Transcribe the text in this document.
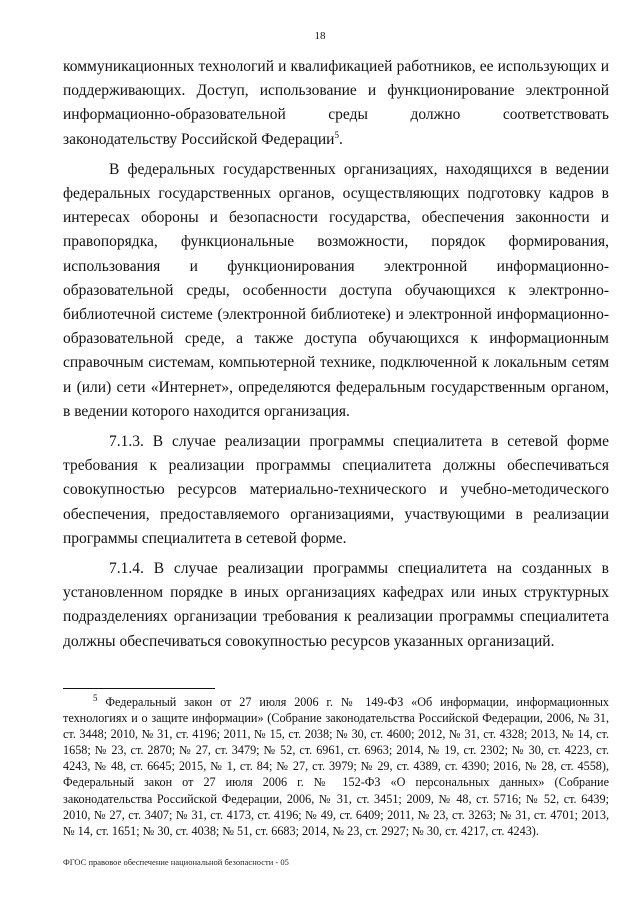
18

коммуникационных технологий и квалификацией работников, ее использующих и поддерживающих. Доступ, использование и функционирование электронной информационно-образовательной среды должно соответствовать законодательству Российской Федерации$^5$.

В федеральных государственных организациях, находящихся в ведении федеральных государственных органов, осуществляющих подготовку кадров в интересах обороны и безопасности государства, обеспечения законности и правопорядка, функциональные возможности, порядок формирования, использования и функционирования электронной информационно-образовательной среды, особенности доступа обучающихся к электронно-библиотечной системе (электронной библиотеке) и электронной информационно-образовательной среде, а также доступа обучающихся к информационным справочным системам, компьютерной технике, подключенной к локальным сетям и (или) сети «Интернет», определяются федеральным государственным органом, в ведении которого находится организация.

7.1.3. В случае реализации программы специалитета в сетевой форме требования к реализации программы специалитета должны обеспечиваться совокупностью ресурсов материально-технического и учебно-методического обеспечения, предоставляемого организациями, участвующими в реализации программы специалитета в сетевой форме.

7.1.4. В случае реализации программы специалитета на созданных в установленном порядке в иных организациях кафедрах или иных структурных подразделениях организации требования к реализации программы специалитета должны обеспечиваться совокупностью ресурсов указанных организаций.

$^5$ Федеральный закон от 27 июля 2006 г. № 149-ФЗ «Об информации, информационных технологиях и о защите информации» (Собрание законодательства Российской Федерации, 2006, № 31, ст. 3448; 2010, № 31, ст. 4196; 2011, № 15, ст. 2038; № 30, ст. 4600; 2012, № 31, ст. 4328; 2013, № 14, ст. 1658; № 23, ст. 2870; № 27, ст. 3479; № 52, ст. 6961, ст. 6963; 2014, № 19, ст. 2302; № 30, ст. 4223, ст. 4243, № 48, ст. 6645; 2015, № 1, ст. 84; № 27, ст. 3979; № 29, ст. 4389, ст. 4390; 2016, № 28, ст. 4558), Федеральный закон от 27 июля 2006 г. № 152-ФЗ «О персональных данных» (Собрание законодательства Российской Федерации, 2006, № 31, ст. 3451; 2009, № 48, ст. 5716; № 52, ст. 6439; 2010, № 27, ст. 3407; № 31, ст. 4173, ст. 4196; № 49, ст. 6409; 2011, № 23, ст. 3263; № 31, ст. 4701; 2013, № 14, ст. 1651; № 30, ст. 4038; № 51, ст. 6683; 2014, № 23, ст. 2927; № 30, ст. 4217, ст. 4243).

ФГОС правовое обеспечение национальной безопасности - 05
